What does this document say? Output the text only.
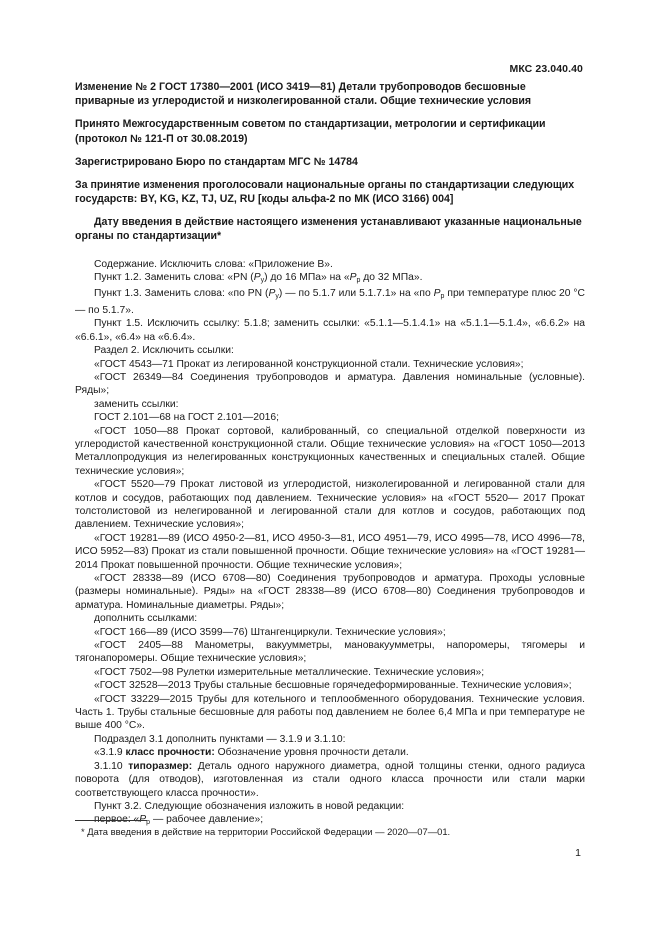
МКС 23.040.40

Изменение № 2 ГОСТ 17380—2001 (ИСО 3419—81) Детали трубопроводов бесшовные приварные из углеродистой и низколегированной стали. Общие технические условия

Принято Межгосударственным советом по стандартизации, метрологии и сертификации (протокол № 121-П от 30.08.2019)

Зарегистрировано Бюро по стандартам МГС № 14784

За принятие изменения проголосовали национальные органы по стандартизации следующих государств: BY, KG, KZ, TJ, UZ, RU [коды альфа-2 по МК (ИСО 3166) 004]

Дату введения в действие настоящего изменения устанавливают указанные национальные органы по стандартизации*

Содержание. Исключить слова: «Приложение В».

Пункт 1.2. Заменить слова: «PN $(P_у)$ до 16 МПа» на «$P_р$ до 32 МПа».

Пункт 1.3. Заменить слова: «по PN $(P_у)$ — по 5.1.7 или 5.1.7.1» на «по $P_р$ при температуре плюс 20 °С — по 5.1.7».

Пункт 1.5. Исключить ссылку: 5.1.8; заменить ссылки: «5.1.1—5.1.4.1» на «5.1.1—5.1.4», «6.6.2» на «6.6.1», «6.4» на «6.6.4».

Раздел 2. Исключить ссылки:

«ГОСТ 4543—71 Прокат из легированной конструкционной стали. Технические условия»;

«ГОСТ 26349—84 Соединения трубопроводов и арматура. Давления номинальные (условные). Ряды»;

заменить ссылки:

ГОСТ 2.101—68 на ГОСТ 2.101—2016;

«ГОСТ 1050—88 Прокат сортовой, калиброванный, со специальной отделкой поверхности из углеродистой качественной конструкционной стали. Общие технические условия» на «ГОСТ 1050—2013 Металлопродукция из нелегированных конструкционных качественных и специальных сталей. Общие технические условия»;

«ГОСТ 5520—79 Прокат листовой из углеродистой, низколегированной и легированной стали для котлов и сосудов, работающих под давлением. Технические условия» на «ГОСТ 5520— 2017 Прокат толстолистовой из нелегированной и легированной стали для котлов и сосудов, работающих под давлением. Технические условия»;

«ГОСТ 19281—89 (ИСО 4950-2—81, ИСО 4950-3—81, ИСО 4951—79, ИСО 4995—78, ИСО 4996—78, ИСО 5952—83) Прокат из стали повышенной прочности. Общие технические условия» на «ГОСТ 19281—2014 Прокат повышенной прочности. Общие технические условия»;

«ГОСТ 28338—89 (ИСО 6708—80) Соединения трубопроводов и арматура. Проходы условные (размеры номинальные). Ряды» на «ГОСТ 28338—89 (ИСО 6708—80) Соединения трубопроводов и арматура. Номинальные диаметры. Ряды»;

дополнить ссылками:

«ГОСТ 166—89 (ИСО 3599—76) Штангенциркули. Технические условия»;

«ГОСТ 2405—88 Манометры, вакуумметры, мановакуумметры, напоромеры, тягомеры и тягонапоромеры. Общие технические условия»;

«ГОСТ 7502—98 Рулетки измерительные металлические. Технические условия»;

«ГОСТ 32528—2013 Трубы стальные бесшовные горячедеформированные. Технические условия»;

«ГОСТ 33229—2015 Трубы для котельного и теплообменного оборудования. Технические условия. Часть 1. Трубы стальные бесшовные для работы под давлением не более 6,4 МПа и при температуре не выше 400 °С».

Подраздел 3.1 дополнить пунктами — 3.1.9 и 3.1.10:

«3.1.9 класс прочности: Обозначение уровня прочности детали.

3.1.10 типоразмер: Деталь одного наружного диаметра, одной толщины стенки, одного радиуса поворота (для отводов), изготовленная из стали одного класса прочности или стали марки соответствующего класса прочности».

Пункт 3.2. Следующие обозначения изложить в новой редакции:

первое: «$P_р$ — рабочее давление»;

* Дата введения в действие на территории Российской Федерации — 2020—07—01.
1
